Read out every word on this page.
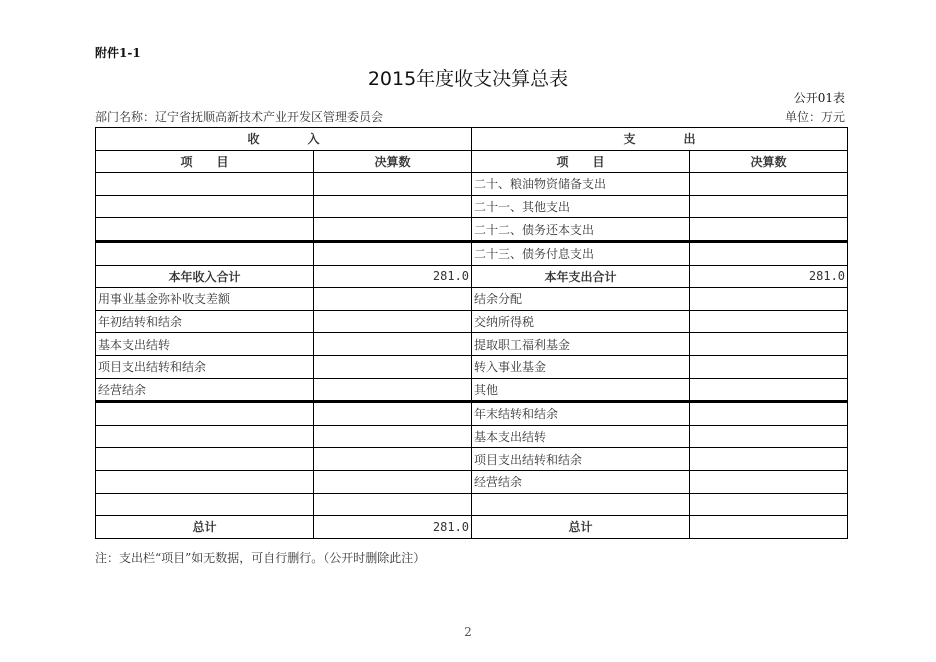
附件1-1
2015年度收支决算总表
公开01表
部门名称：辽宁省抚顺高新技术产业开发区管理委员会	单位：万元
收　　　　入		支　　　　出	
项　　目	决算数	项　　目	决算数
		二十、粮油物资储备支出	
		二十一、其他支出	
		二十二、债务还本支出	
		二十三、债务付息支出	
本年收入合计	281.0	本年支出合计	281.0
用事业基金弥补收支差额		结余分配	
年初结转和结余		交纳所得税	
基本支出结转		提取职工福利基金	
项目支出结转和结余		转入事业基金	
经营结余		其他	
		年末结转和结余	
		基本支出结转	
		项目支出结转和结余	
		经营结余	

总计	281.0	总计	
注：支出栏“项目”如无数据，可自行删行。（公开时删除此注）
2
